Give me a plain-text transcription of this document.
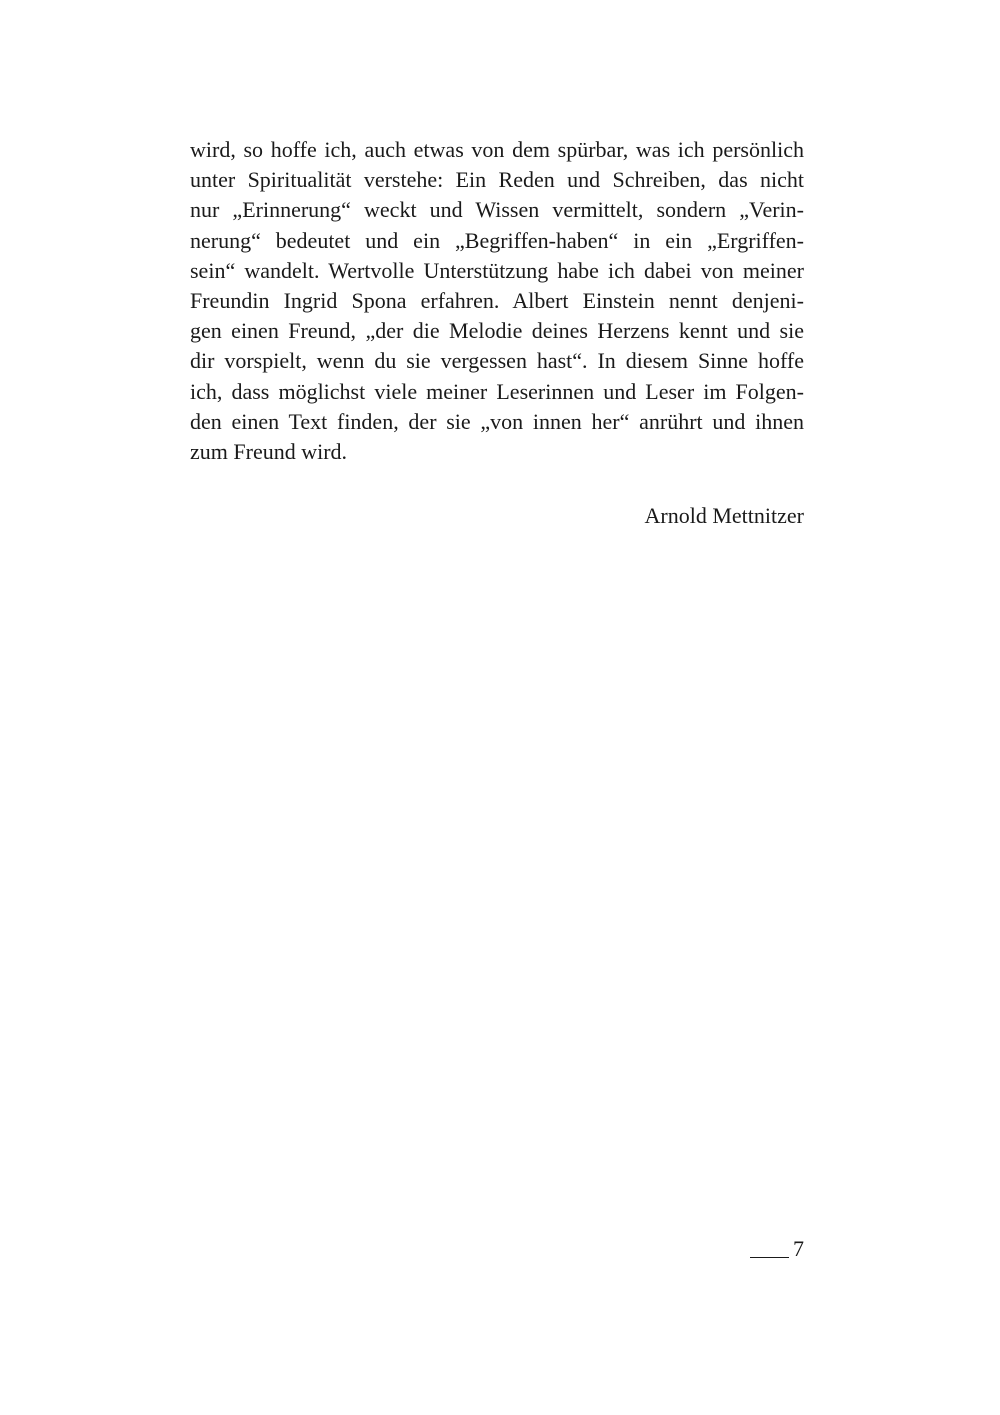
wird, so hoffe ich, auch etwas von dem spürbar, was ich persönlich
unter Spiritualität verstehe: Ein Reden und Schreiben, das nicht
nur „Erinnerung“ weckt und Wissen vermittelt, sondern „Verin-
nerung“ bedeutet und ein „Begriffen-haben“ in ein „Ergriffen-
sein“ wandelt. Wertvolle Unterstützung habe ich dabei von meiner
Freundin Ingrid Spona erfahren. Albert Einstein nennt denjeni-
gen einen Freund, „der die Melodie deines Herzens kennt und sie
dir vorspielt, wenn du sie vergessen hast“. In diesem Sinne hoffe
ich, dass möglichst viele meiner Leserinnen und Leser im Folgen-
den einen Text finden, der sie „von innen her“ anrührt und ihnen
zum Freund wird.
Arnold Mettnitzer
7
